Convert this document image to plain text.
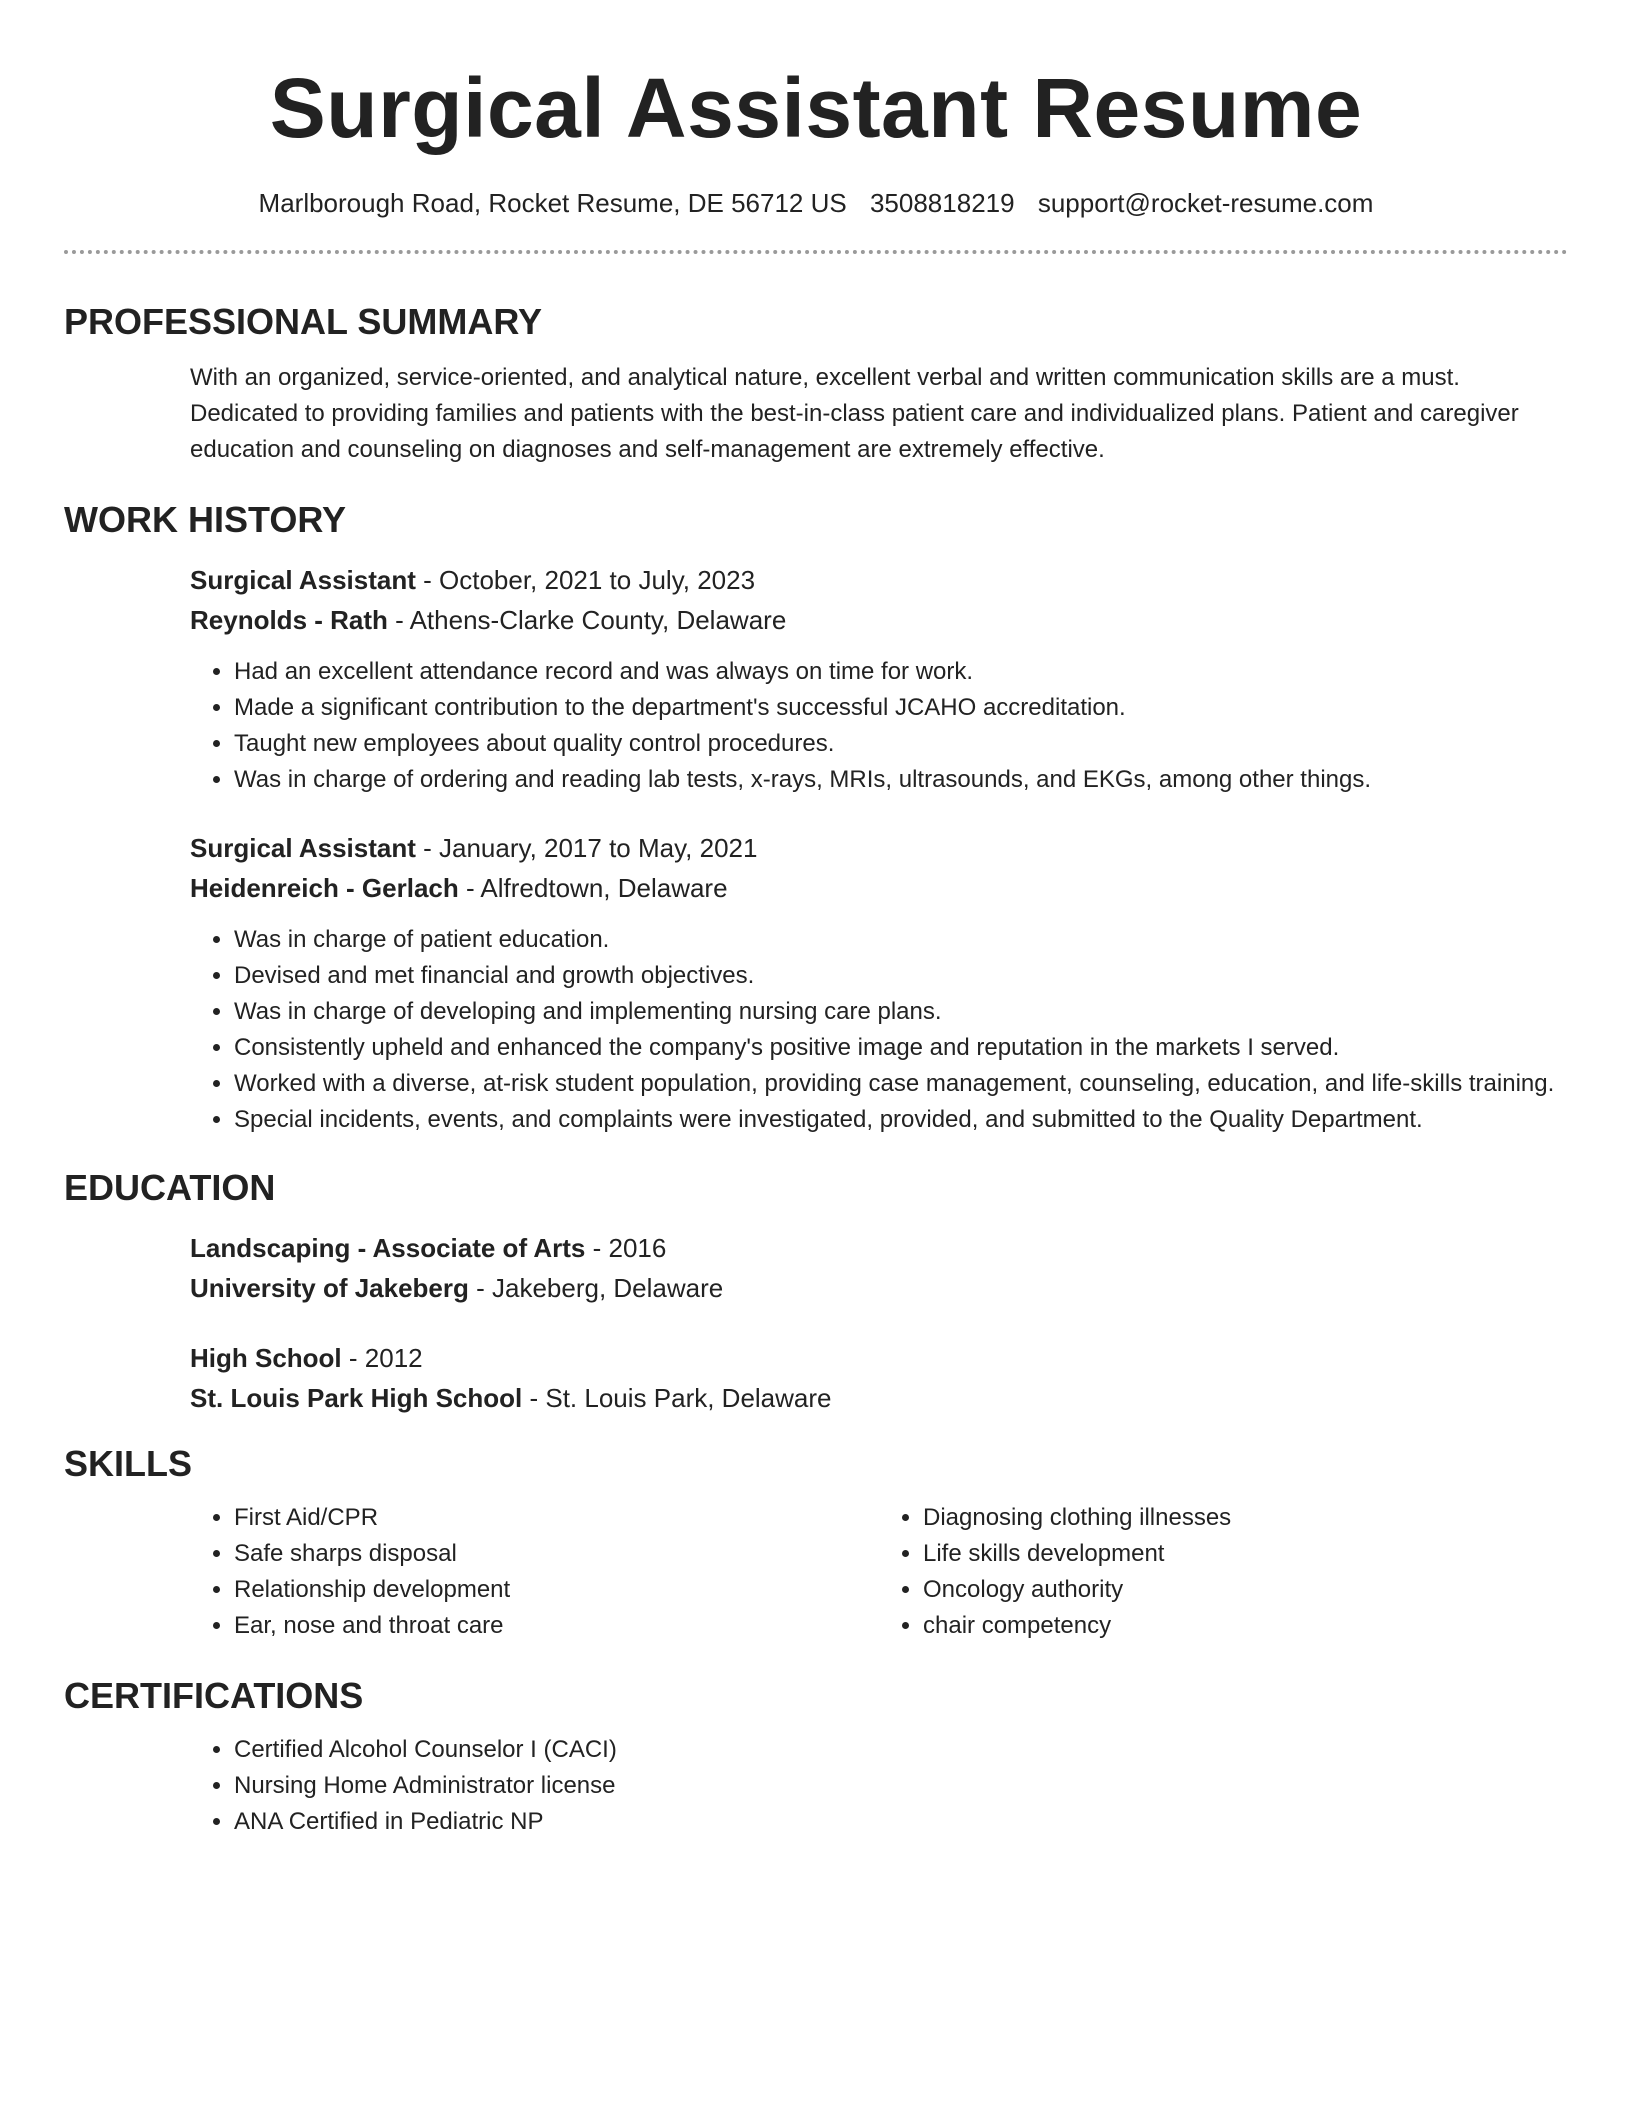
Surgical Assistant Resume
Marlborough Road, Rocket Resume, DE 56712 US 3508818219 support@rocket-resume.com
PROFESSIONAL SUMMARY

With an organized, service-oriented, and analytical nature, excellent verbal and written communication skills are a must. Dedicated to providing families and patients with the best-in-class patient care and individualized plans. Patient and caregiver education and counseling on diagnoses and self-management are extremely effective.

WORK HISTORY
Surgical Assistant - October, 2021 to July, 2023
Reynolds - Rath - Athens-Clarke County, Delaware
• Had an excellent attendance record and was always on time for work.
• Made a significant contribution to the department's successful JCAHO accreditation.
• Taught new employees about quality control procedures.
• Was in charge of ordering and reading lab tests, x-rays, MRIs, ultrasounds, and EKGs, among other things.
Surgical Assistant - January, 2017 to May, 2021
Heidenreich - Gerlach - Alfredtown, Delaware
• Was in charge of patient education.
• Devised and met financial and growth objectives.
• Was in charge of developing and implementing nursing care plans.
• Consistently upheld and enhanced the company's positive image and reputation in the markets I served.
• Worked with a diverse, at-risk student population, providing case management, counseling, education, and life-skills training.
• Special incidents, events, and complaints were investigated, provided, and submitted to the Quality Department.
EDUCATION
Landscaping - Associate of Arts - 2016
University of Jakeberg - Jakeberg, Delaware
High School - 2012
St. Louis Park High School - St. Louis Park, Delaware
SKILLS
• First Aid/CPR
• Safe sharps disposal
• Relationship development
• Ear, nose and throat care
• Diagnosing clothing illnesses
• Life skills development
• Oncology authority
• chair competency
CERTIFICATIONS
• Certified Alcohol Counselor I (CACI)
• Nursing Home Administrator license
• ANA Certified in Pediatric NP
